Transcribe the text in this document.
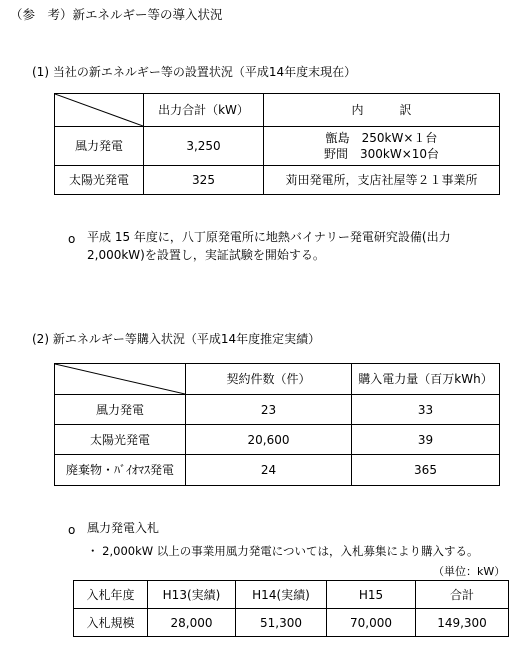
（参　考）新エネルギー等の導入状況
(1) 当社の新エネルギー等の設置状況（平成14年度末現在）
	出力合計（kW）	内　　　訳
風力発電	3,250	甑島　250kW×１台
野間　300kW×10台

太陽光発電	325	苅田発電所，支店社屋等２１事業所
o 平成 15 年度に，八丁原発電所に地熱バイナリー発電研究設備(出力
2,000kW)を設置し，実証試験を開始する。
(2) 新エネルギー等購入状況（平成14年度推定実績）
	契約件数（件）	購入電力量（百万kWh）
風力発電	23	33
太陽光発電	20,600	39
廃棄物・ﾊﾞｲｵﾏｽ発電	24	365
o 風力発電入札
・ 2,000kW 以上の事業用風力発電については，入札募集により購入する。
（単位：kW）
入札年度	H13(実績)	H14(実績)	H15	合計
入札規模	28,000	51,300	70,000	149,300
